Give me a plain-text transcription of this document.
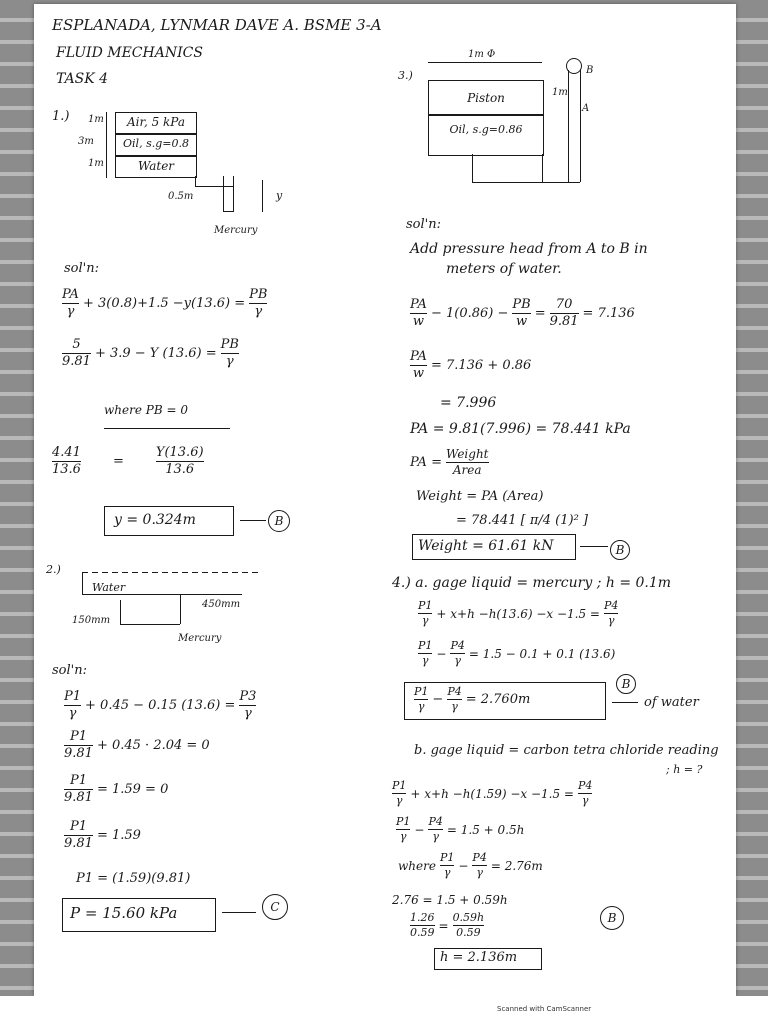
ESPLANADA, LYNMAR DAVE A. BSME 3-A
FLUID MECHANICS
TASK 4
1.) 1m
3m
1m
Air, 5 kPa
Oil, s.g=0.8
Water
0.5m	y
Mercury
sol'n:
$\frac{PA}{\gamma} + 3(0.8)+1.5 -y(13.6) = \frac{PB}{\gamma}$
$\frac{5}{9.81} + 3.9 - Y$ $(13.6) = \frac{PB}{\gamma}$
where PB = 0
$\frac{4.41}{13.6} = \frac{Y(13.6)}{13.6}$
y = 0.324m	B
2.)
Water
150mm
450mm
Mercury
sol'n:
$\frac{P1}{\gamma} + 0.45 - 0.15$ $(13.6) = \frac{P3}{\gamma}$
$\frac{P1}{9.81} + 0.45 \cdot 2.04 = 0$
$\frac{P1}{9.81} = 1.59 = 0$
$\frac{P1}{9.81} = 1.59$
P1 = (1.59)(9.81)
P = 15.60 kPa	C
3.)
1m Φ
Piston
Oil, s.g=0.86
B
A
1m
sol'n:
Add pressure head from A to B in
meters of water.
$\frac{PA}{w} - 1(0.86) - \frac{PB}{w} = \frac{70}{9.81} = 7.136$
$\frac{PA}{w} = 7.136 + 0.86$
= 7.996
PA = 9.81(7.996) = 78.441 kPa
PA = $\frac{\text{Weight}}{\text{Area}}$
Weight = PA (Area)
= 78.441 [ π/4 (1)² ]
Weight = 61.61 kN	B
4.) a. gage liquid = mercury ; h = 0.1m
$\frac{P1}{\gamma} + x+h -h(13.6) -x -1.5 = \frac{P4}{\gamma}$
$\frac{P1}{\gamma} - \frac{P4}{\gamma} = 1.5 - 0.1 + 0.1$ (13.6)
$\frac{P1}{\gamma} - \frac{P4}{\gamma} = 2.760m$
B
of water
b. gage liquid = carbon tetra chloride reading
; h = ?
$\frac{P1}{\gamma} + x+h -h(1.59) -x -1.5 = \frac{P4}{\gamma}$
$\frac{P1}{\gamma} - \frac{P4}{\gamma} = 1.5 + 0.5h$
where $\frac{P1}{\gamma} - \frac{P4}{\gamma} = 2.76m$
2.76 = 1.5 + 0.59h
$\frac{1.26}{0.59} = \frac{0.59h}{0.59}$	B
h = 2.136m
Scanned with CamScanner
